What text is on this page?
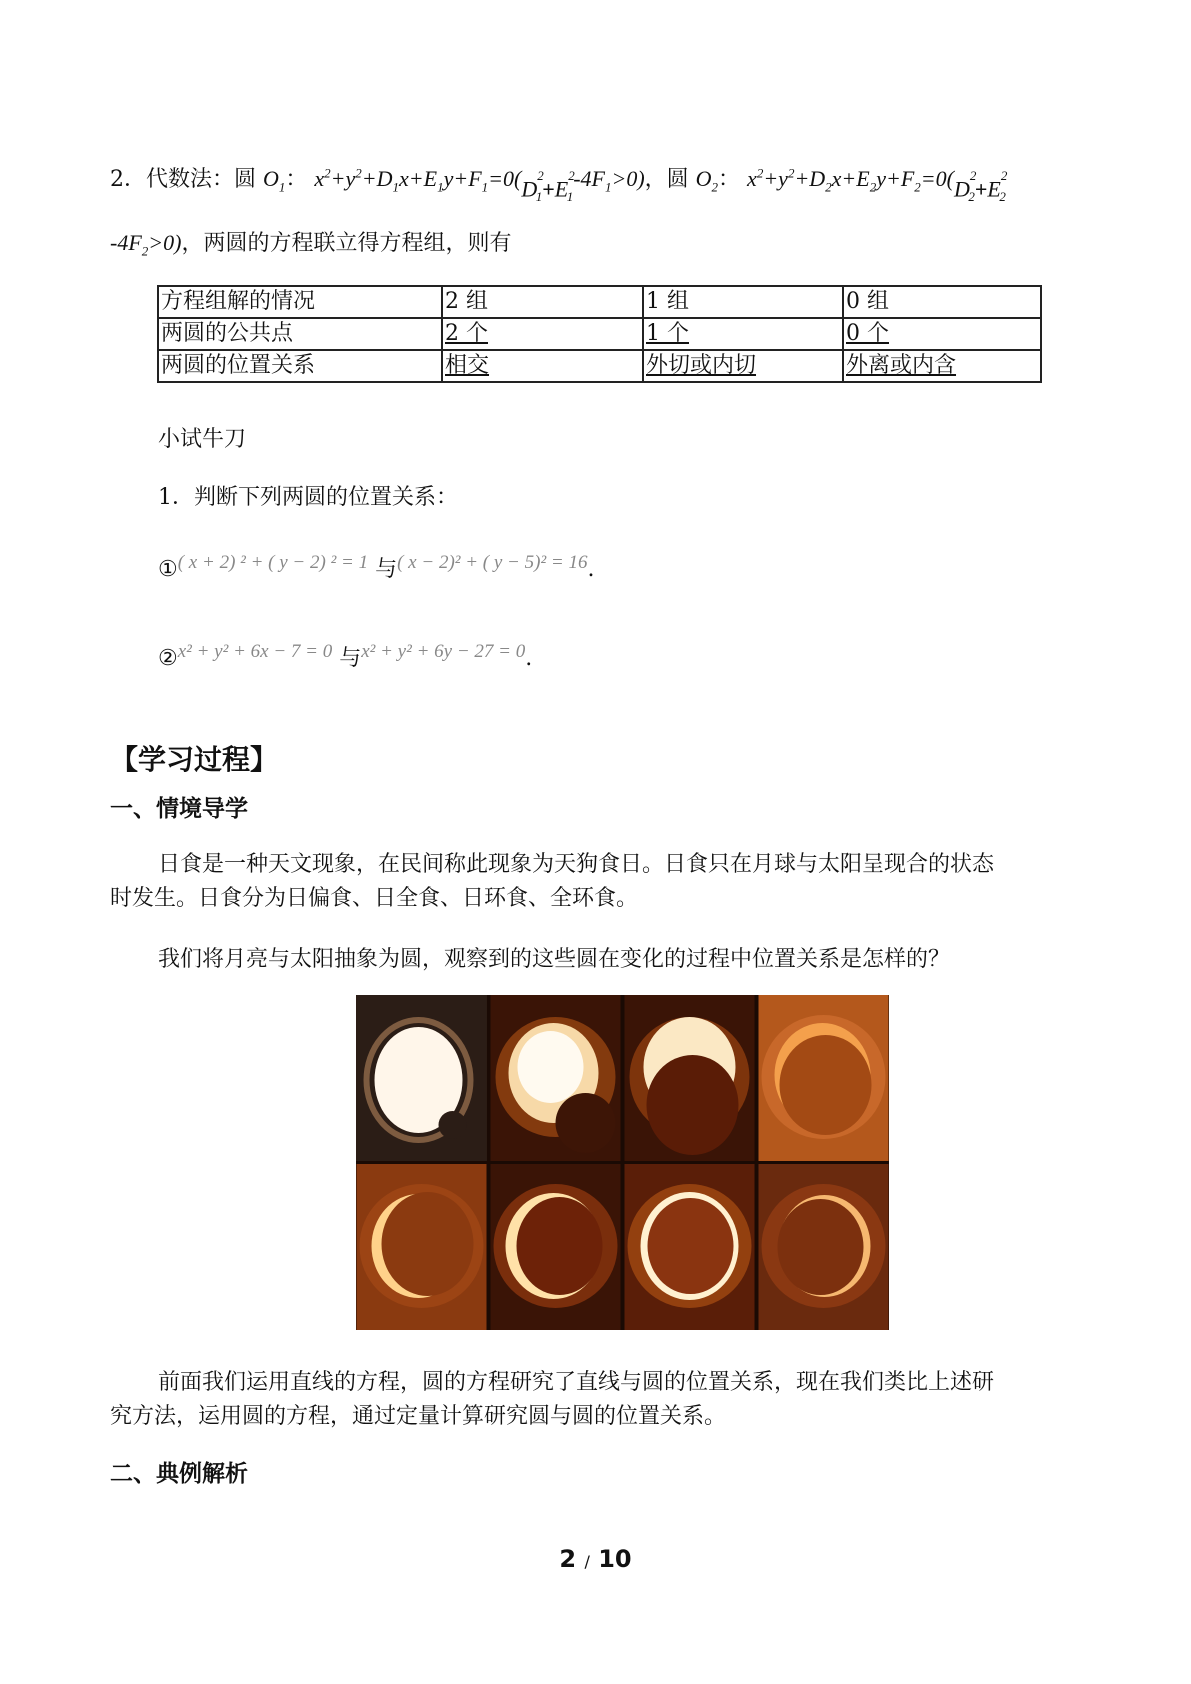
2．代数法：圆 $O_1$： $x^2+y^2+D_1x+E_1y+F_1=0(D^2_1+E^2_1-4F_1>0)$，圆 $O_2$： $x^2+y^2+D_2x+E_2y+F_2=0(D^2_2+E^2_2$
$-4F_2>0$)，两圆的方程联立得方程组，则有
方程组解的情况	2 组	1 组	0 组
两圆的公共点	2 个	1 个	0 个
两圆的位置关系	相交	外切或内切	外离或内含
小试牛刀
1．判断下列两圆的位置关系：
①( x + 2) ² + ( y − 2) ² = 1 与( x − 2)² + ( y − 5)² = 16.
②x² + y² + 6x − 7 = 0 与x² + y² + 6y − 27 = 0.
【学习过程】
一、情境导学

日食是一种天文现象，在民间称此现象为天狗食日。日食只在月球与太阳呈现合的状态

时发生。日食分为日偏食、日全食、日环食、全环食。

我们将月亮与太阳抽象为圆，观察到的这些圆在变化的过程中位置关系是怎样的？

前面我们运用直线的方程，圆的方程研究了直线与圆的位置关系，现在我们类比上述研

究方法，运用圆的方程，通过定量计算研究圆与圆的位置关系。

二、典例解析
2 / 10
